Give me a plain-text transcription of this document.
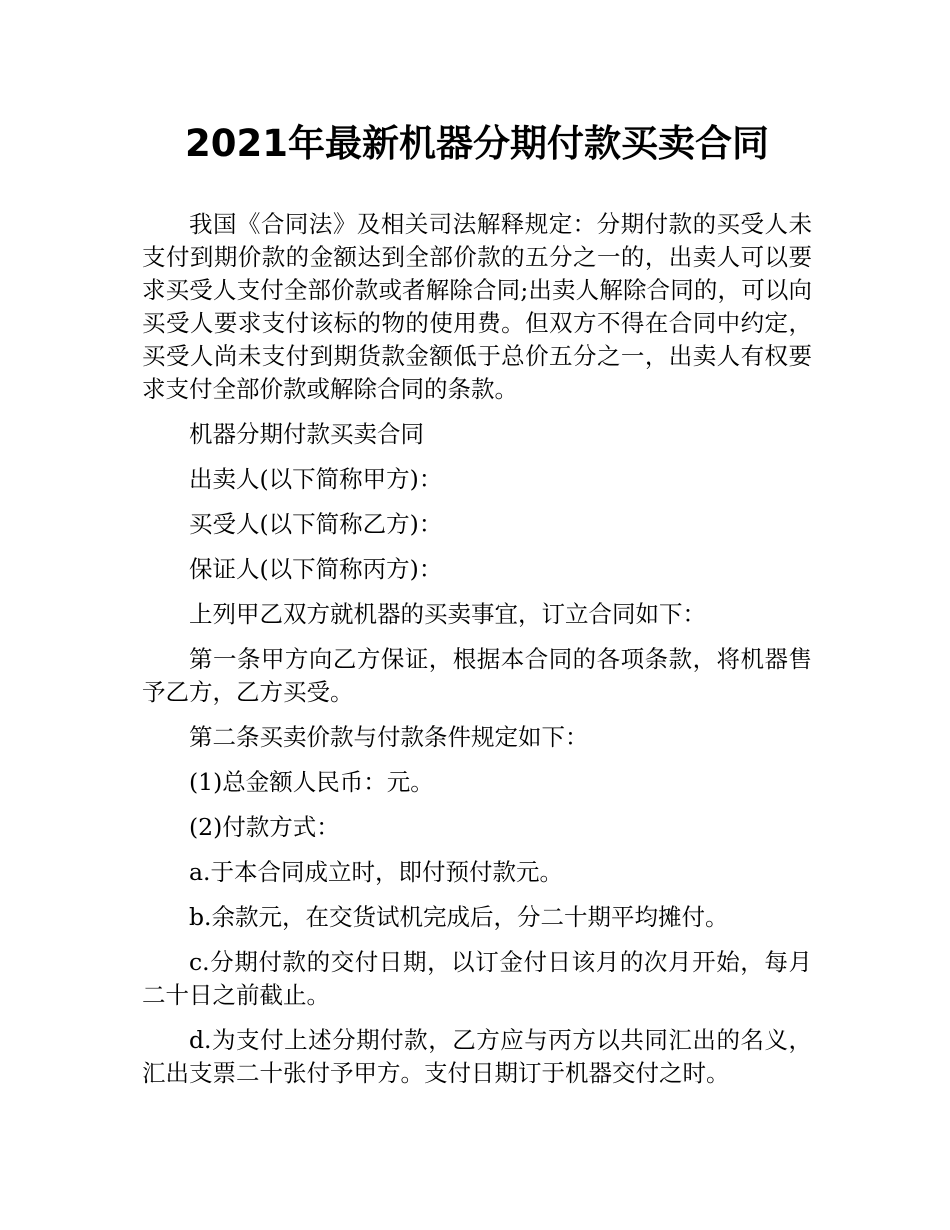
2021年最新机器分期付款买卖合同

我国《合同法》及相关司法解释规定：分期付款的买受人未支付到期价款的金额达到全部价款的五分之一的，出卖人可以要求买受人支付全部价款或者解除合同;出卖人解除合同的，可以向买受人要求支付该标的物的使用费。但双方不得在合同中约定，买受人尚未支付到期货款金额低于总价五分之一，出卖人有权要求支付全部价款或解除合同的条款。

机器分期付款买卖合同

出卖人(以下简称甲方)：

买受人(以下简称乙方)：

保证人(以下简称丙方)：

上列甲乙双方就机器的买卖事宜，订立合同如下：

第一条甲方向乙方保证，根据本合同的各项条款，将机器售予乙方，乙方买受。

第二条买卖价款与付款条件规定如下：

(1)总金额人民币：元。

(2)付款方式：

a.于本合同成立时，即付预付款元。

b.余款元，在交货试机完成后，分二十期平均摊付。

c.分期付款的交付日期，以订金付日该月的次月开始，每月二十日之前截止。

d.为支付上述分期付款，乙方应与丙方以共同汇出的名义，汇出支票二十张付予甲方。支付日期订于机器交付之时。
